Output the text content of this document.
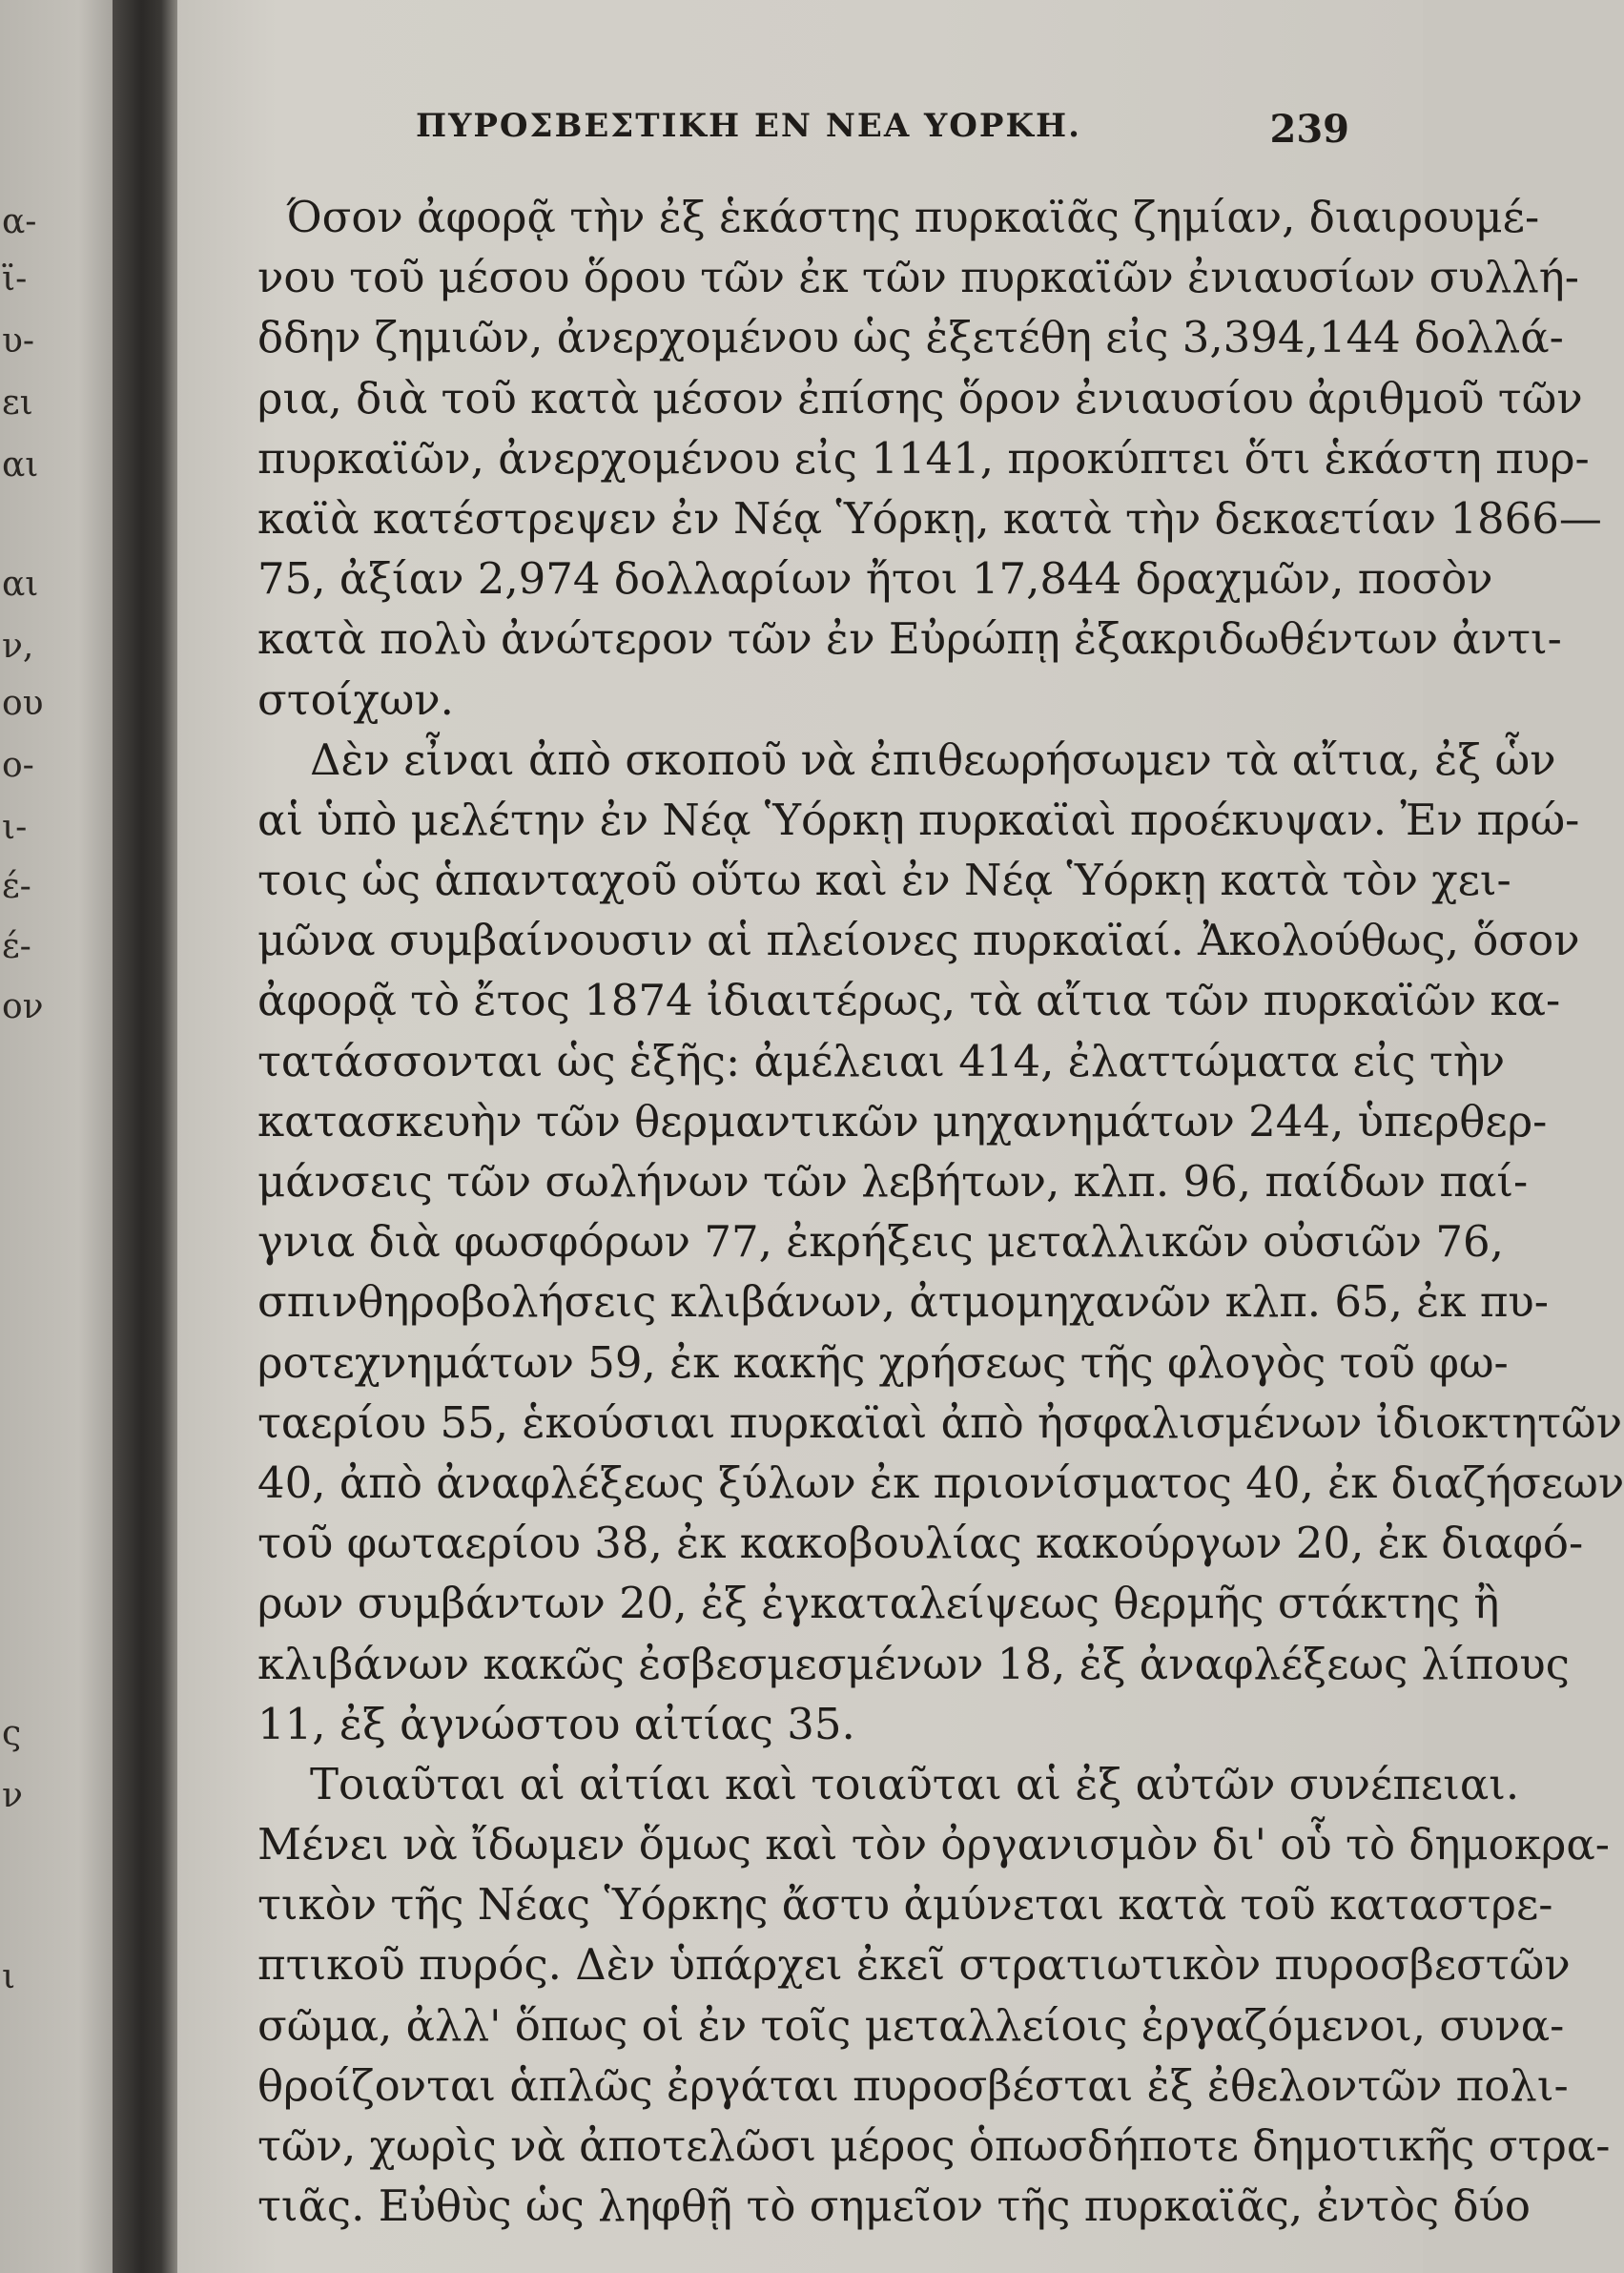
α-
ϊ-
υ-
ει
αι
αι
ν,
ου
ο-
ι-
έ-
έ-
ον
ς
ν
ι
ΠΥΡΟΣΒΕΣΤΙΚΗ ΕΝ ΝΕΑ ΥΟΡΚΗ.	239
Όσον ἀφορᾷ τὴν ἐξ ἑκάστης πυρκαϊᾶς ζημίαν, διαιρουμέ-
νου τοῦ μέσου ὅρου τῶν ἐκ τῶν πυρκαϊῶν ἐνιαυσίων συλλή-
δδην ζημιῶν, ἀνερχομένου ὡς ἐξετέθη εἰς 3,394,144 δολλά-
ρια, διὰ τοῦ κατὰ μέσον ἐπίσης ὅρον ἐνιαυσίου ἀριθμοῦ τῶν
πυρκαϊῶν, ἀνερχομένου εἰς 1141, προκύπτει ὅτι ἑκάστη πυρ-
καϊὰ κατέστρεψεν ἐν Νέᾳ Ὑόρκῃ, κατὰ τὴν δεκαετίαν 1866—
75, ἀξίαν 2,974 δολλαρίων ἤτοι 17,844 δραχμῶν, ποσὸν
κατὰ πολὺ ἀνώτερον τῶν ἐν Εὐρώπῃ ἐξακριδωθέντων ἀντι-
στοίχων.
Δὲν εἶναι ἀπὸ σκοποῦ νὰ ἐπιθεωρήσωμεν τὰ αἴτια, ἐξ ὧν
αἱ ὑπὸ μελέτην ἐν Νέᾳ Ὑόρκῃ πυρκαϊαὶ προέκυψαν. Ἐν πρώ-
τοις ὡς ἁπανταχοῦ οὕτω καὶ ἐν Νέᾳ Ὑόρκῃ κατὰ τὸν χει-
μῶνα συμβαίνουσιν αἱ πλείονες πυρκαϊαί. Ἀκολούθως, ὅσον
ἀφορᾷ τὸ ἔτος 1874 ἰδιαιτέρως, τὰ αἴτια τῶν πυρκαϊῶν κα-
τατάσσονται ὡς ἑξῆς: ἀμέλειαι 414, ἐλαττώματα εἰς τὴν
κατασκευὴν τῶν θερμαντικῶν μηχανημάτων 244, ὑπερθερ-
μάνσεις τῶν σωλήνων τῶν λεβήτων, κλπ. 96, παίδων παί-
γνια διὰ φωσφόρων 77, ἐκρήξεις μεταλλικῶν οὐσιῶν 76,
σπινθηροβολήσεις κλιβάνων, ἀτμομηχανῶν κλπ. 65, ἐκ πυ-
ροτεχνημάτων 59, ἐκ κακῆς χρήσεως τῆς φλογὸς τοῦ φω-
ταερίου 55, ἑκούσιαι πυρκαϊαὶ ἀπὸ ἠσφαλισμένων ἰδιοκτητῶν
40, ἀπὸ ἀναφλέξεως ξύλων ἐκ πριονίσματος 40, ἐκ διαζήσεων
τοῦ φωταερίου 38, ἐκ κακοβουλίας κακούργων 20, ἐκ διαφό-
ρων συμβάντων 20, ἐξ ἐγκαταλείψεως θερμῆς στάκτης ἢ
κλιβάνων κακῶς ἐσβεσμεσμένων 18, ἐξ ἀναφλέξεως λίπους
11, ἐξ ἀγνώστου αἰτίας 35.
Τοιαῦται αἱ αἰτίαι καὶ τοιαῦται αἱ ἐξ αὐτῶν συνέπειαι.
Μένει νὰ ἴδωμεν ὅμως καὶ τὸν ὀργανισμὸν δι' οὗ τὸ δημοκρα-
τικὸν τῆς Νέας Ὑόρκης ἄστυ ἀμύνεται κατὰ τοῦ καταστρε-
πτικοῦ πυρός. Δὲν ὑπάρχει ἐκεῖ στρατιωτικὸν πυροσβεστῶν
σῶμα, ἀλλ' ὅπως οἱ ἐν τοῖς μεταλλείοις ἐργαζόμενοι, συνα-
θροίζονται ἁπλῶς ἐργάται πυροσβέσται ἐξ ἐθελοντῶν πολι-
τῶν, χωρὶς νὰ ἀποτελῶσι μέρος ὁπωσδήποτε δημοτικῆς στρα-
τιᾶς. Εὐθὺς ὡς ληφθῇ τὸ σημεῖον τῆς πυρκαϊᾶς, ἐντὸς δύο
